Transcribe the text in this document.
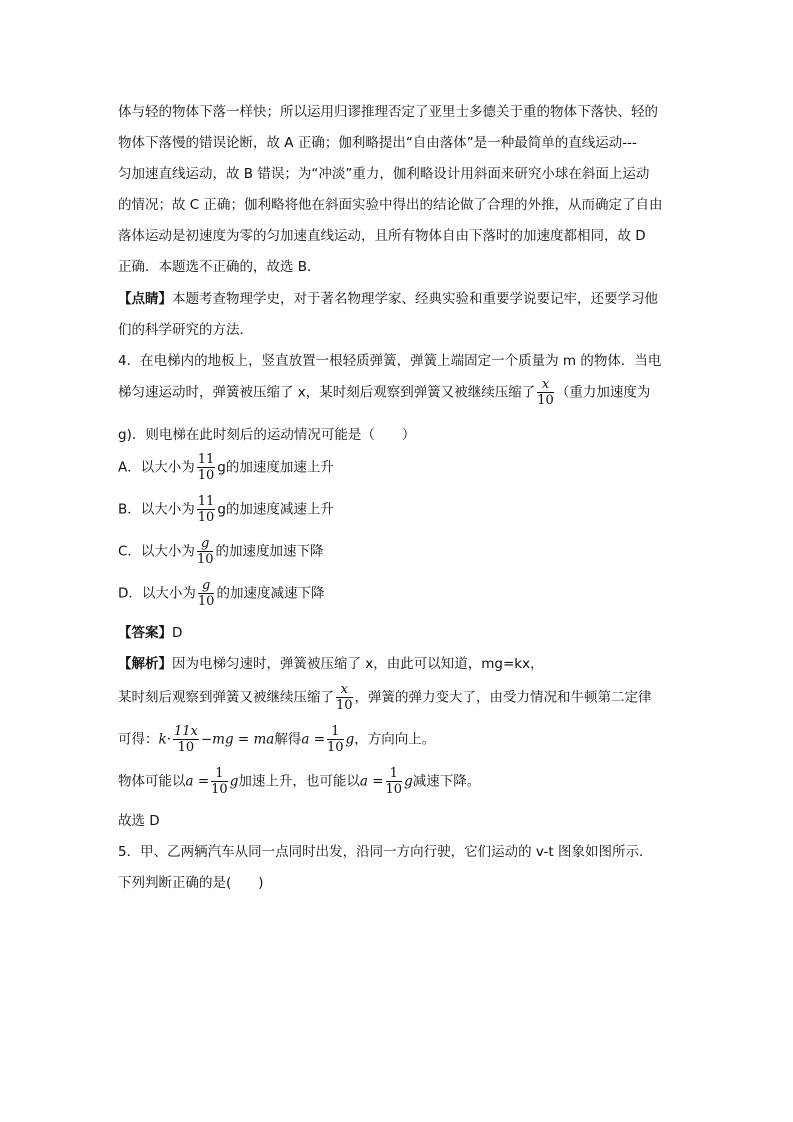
体与轻的物体下落一样快；所以运用归谬推理否定了亚里士多德关于重的物体下落快、轻的
物体下落慢的错误论断，故 A 正确；伽利略提出“自由落体”是一种最简单的直线运动---
匀加速直线运动，故 B 错误；为“冲淡”重力，伽利略设计用斜面来研究小球在斜面上运动
的情况；故 C 正确；伽利略将他在斜面实验中得出的结论做了合理的外推，从而确定了自由
落体运动是初速度为零的匀加速直线运动，且所有物体自由下落时的加速度都相同，故 D
正确．本题选不正确的，故选 B．
【点睛】本题考查物理学史，对于著名物理学家、经典实验和重要学说要记牢，还要学习他
们的科学研究的方法．
4．在电梯内的地板上，竖直放置一根轻质弹簧，弹簧上端固定一个质量为 m 的物体．当电
梯匀速运动时，弹簧被压缩了 x，某时刻后观察到弹簧又被继续压缩了 $\frac{x}{10}$ （重力加速度为
g)．则电梯在此时刻后的运动情况可能是（　　）
A．以大小为 $\frac{11}{10}$ g的加速度加速上升
B．以大小为 $\frac{11}{10}$ g的加速度减速上升
C．以大小为 $\frac{g}{10}$ 的加速度加速下降
D．以大小为 $\frac{g}{10}$ 的加速度减速下降
【答案】D
【解析】因为电梯匀速时，弹簧被压缩了 x，由此可以知道，mg=kx，
某时刻后观察到弹簧又被继续压缩了 $\frac{x}{10}$ ，弹簧的弹力变大了，由受力情况和牛顿第二定律
可得：$k\cdot \frac{11x}{10} -mg$ = ma解得$a = \frac{1}{10}$ g，方向向上。
物体可能以$a = \frac{1}{10}$ g加速上升，也可能以$a = \frac{1}{10}$ g减速下降。
故选 D
5．甲、乙两辆汽车从同一点同时出发，沿同一方向行驶，它们运动的 v-t 图象如图所示．
下列判断正确的是(　　)
